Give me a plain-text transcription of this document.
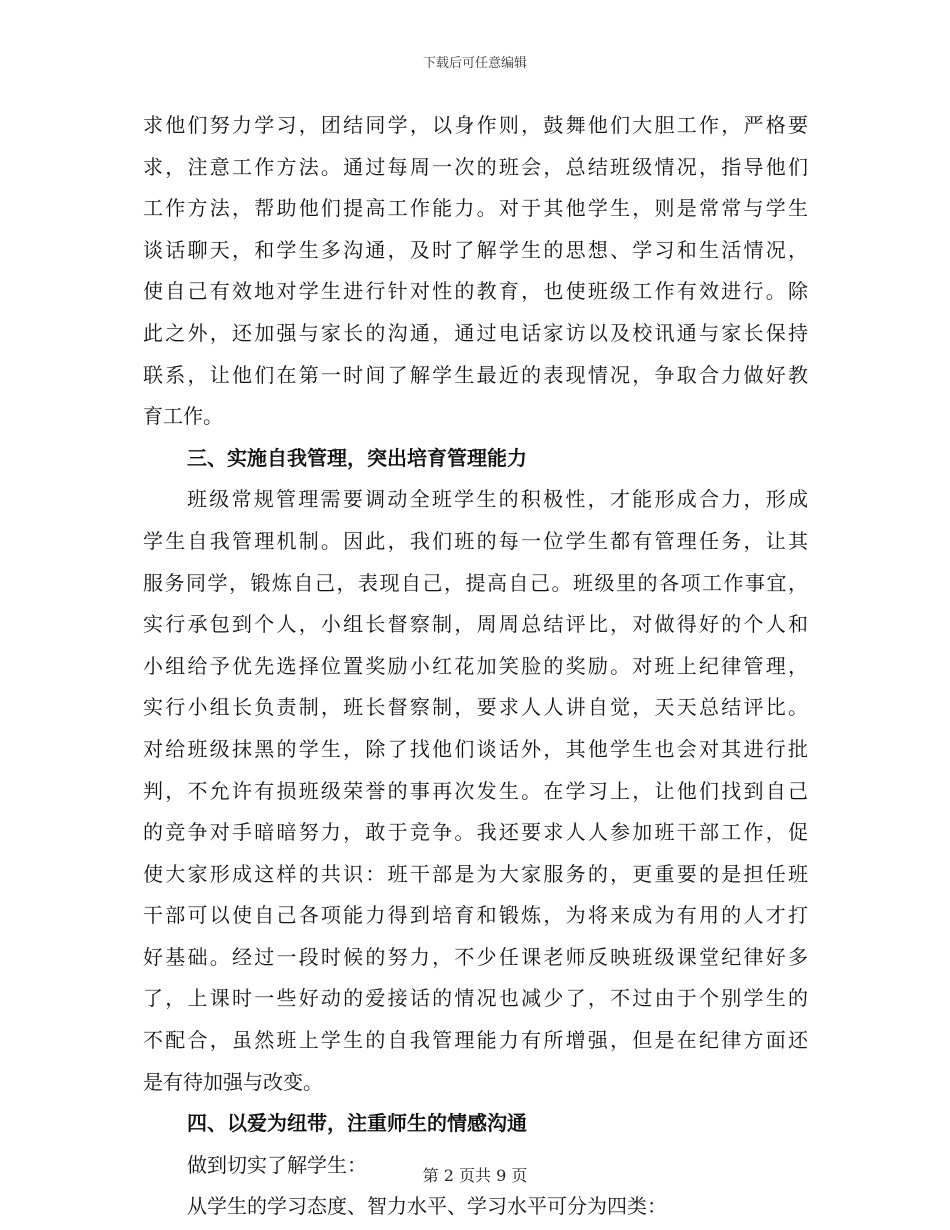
下载后可任意编辑
求他们努力学习，团结同学，以身作则，鼓舞他们大胆工作，严格要
求，注意工作方法。通过每周一次的班会，总结班级情况，指导他们
工作方法，帮助他们提高工作能力。对于其他学生，则是常常与学生
谈话聊天，和学生多沟通，及时了解学生的思想、学习和生活情况，
使自己有效地对学生进行针对性的教育，也使班级工作有效进行。除
此之外，还加强与家长的沟通，通过电话家访以及校讯通与家长保持
联系，让他们在第一时间了解学生最近的表现情况，争取合力做好教
育工作。
三、实施自我管理，突出培育管理能力
班级常规管理需要调动全班学生的积极性，才能形成合力，形成
学生自我管理机制。因此，我们班的每一位学生都有管理任务，让其
服务同学，锻炼自己，表现自己，提高自己。班级里的各项工作事宜，
实行承包到个人，小组长督察制，周周总结评比，对做得好的个人和
小组给予优先选择位置奖励小红花加笑脸的奖励。对班上纪律管理，
实行小组长负责制，班长督察制，要求人人讲自觉，天天总结评比。
对给班级抹黑的学生，除了找他们谈话外，其他学生也会对其进行批
判，不允许有损班级荣誉的事再次发生。在学习上，让他们找到自己
的竞争对手暗暗努力，敢于竞争。我还要求人人参加班干部工作，促
使大家形成这样的共识：班干部是为大家服务的，更重要的是担任班
干部可以使自己各项能力得到培育和锻炼，为将来成为有用的人才打
好基础。经过一段时候的努力，不少任课老师反映班级课堂纪律好多
了，上课时一些好动的爱接话的情况也减少了，不过由于个别学生的
不配合，虽然班上学生的自我管理能力有所增强，但是在纪律方面还
是有待加强与改变。
四、以爱为纽带，注重师生的情感沟通
做到切实了解学生：
从学生的学习态度、智力水平、学习水平可分为四类：
第 2 页共 9 页
